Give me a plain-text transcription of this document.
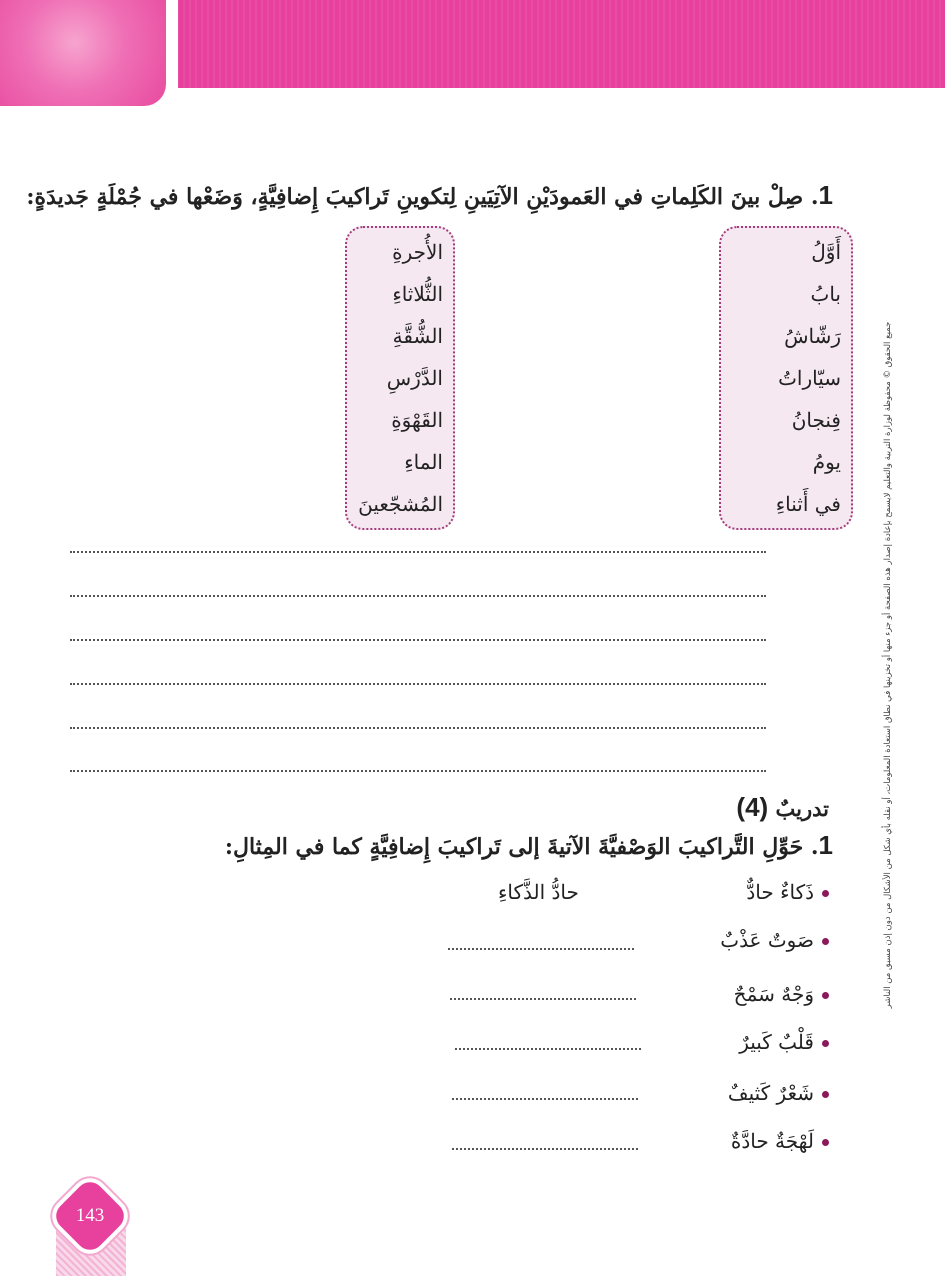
1. صِلْ بينَ الكَلِماتِ في العَمودَيْنِ الآتِيَينِ لِتكوينِ تَراكيبَ إِضافِيَّةٍ، وَضَعْها في جُمْلَةٍ جَديدَةٍ:
أَوَّلُ
بابُ
رَشّاشُ
سيّاراتُ
فِنجانُ
يومُ
في أَثناءِ
الأُجرةِ
الثُّلاثاءِ
الشُّقَّةِ
الدَّرْسِ
القَهْوَةِ
الماءِ
المُشجّعينَ
تدريبٌ (4)
1. حَوِّلِ التَّراكيبَ الوَصْفيَّةَ الآتيةَ إلى تَراكيبَ إِضافِيَّةٍ كما في المِثالِ:
ذَكاءٌ حادٌّ
حادُّ الذَّكاءِ
صَوتٌ عَذْبٌ
وَجْهٌ سَمْحٌ
قَلْبٌ كَبيرٌ
شَعْرٌ كَثيفٌ
لَهْجَةٌ حادَّةٌ
جميع الحقوق © محفوظة لوزارة التربية والتعليم لايسمح بإعادة إصدار هذه الصفحة أو جزء منها أو تخزينها في نطاق استعادة المعلومات، أو نقله بأي شكل من الأشكال من دون إذن مسبق من الناشر
143
